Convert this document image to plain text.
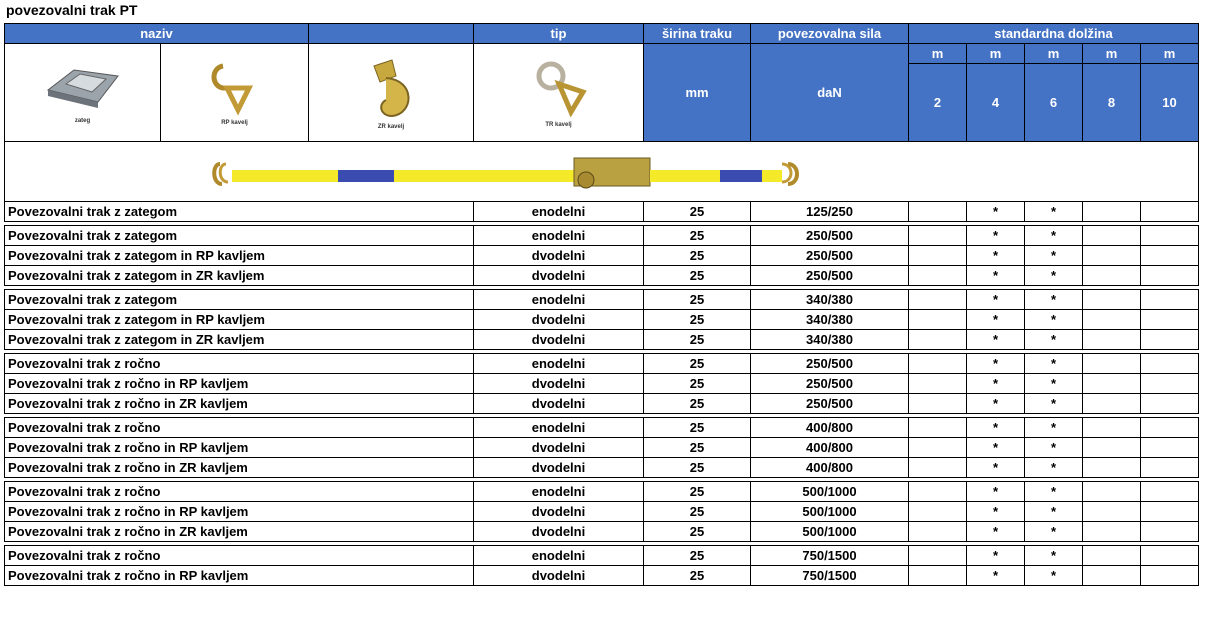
povezovalni trak PT
naziv			tip	širina traku	povezovalna sila	standardna dolžina				

zateg	RP kavelj	ZR kavelj	TR kavelj	mm	daN	m	m	m	m	m
						2	4	6	8	10

Povezovalni trak z zategom			enodelni	25	125/250		*	*		

Povezovalni trak z zategom			enodelni	25	250/500		*	*		
Povezovalni trak z zategom in RP kavljem			dvodelni	25	250/500		*	*		
Povezovalni trak z zategom in ZR kavljem			dvodelni	25	250/500		*	*		

Povezovalni trak z zategom			enodelni	25	340/380		*	*		
Povezovalni trak z zategom in RP kavljem			dvodelni	25	340/380		*	*		
Povezovalni trak z zategom in ZR kavljem			dvodelni	25	340/380		*	*		

Povezovalni trak z ročno			enodelni	25	250/500		*	*		
Povezovalni trak z ročno in RP kavljem			dvodelni	25	250/500		*	*		
Povezovalni trak z ročno in ZR kavljem			dvodelni	25	250/500		*	*		

Povezovalni trak z ročno			enodelni	25	400/800		*	*		
Povezovalni trak z ročno in RP kavljem			dvodelni	25	400/800		*	*		
Povezovalni trak z ročno in ZR kavljem			dvodelni	25	400/800		*	*		

Povezovalni trak z ročno			enodelni	25	500/1000		*	*		
Povezovalni trak z ročno in RP kavljem			dvodelni	25	500/1000		*	*		
Povezovalni trak z ročno in ZR kavljem			dvodelni	25	500/1000		*	*		

Povezovalni trak z ročno			enodelni	25	750/1500		*	*		
Povezovalni trak z ročno in RP kavljem			dvodelni	25	750/1500		*	*		
